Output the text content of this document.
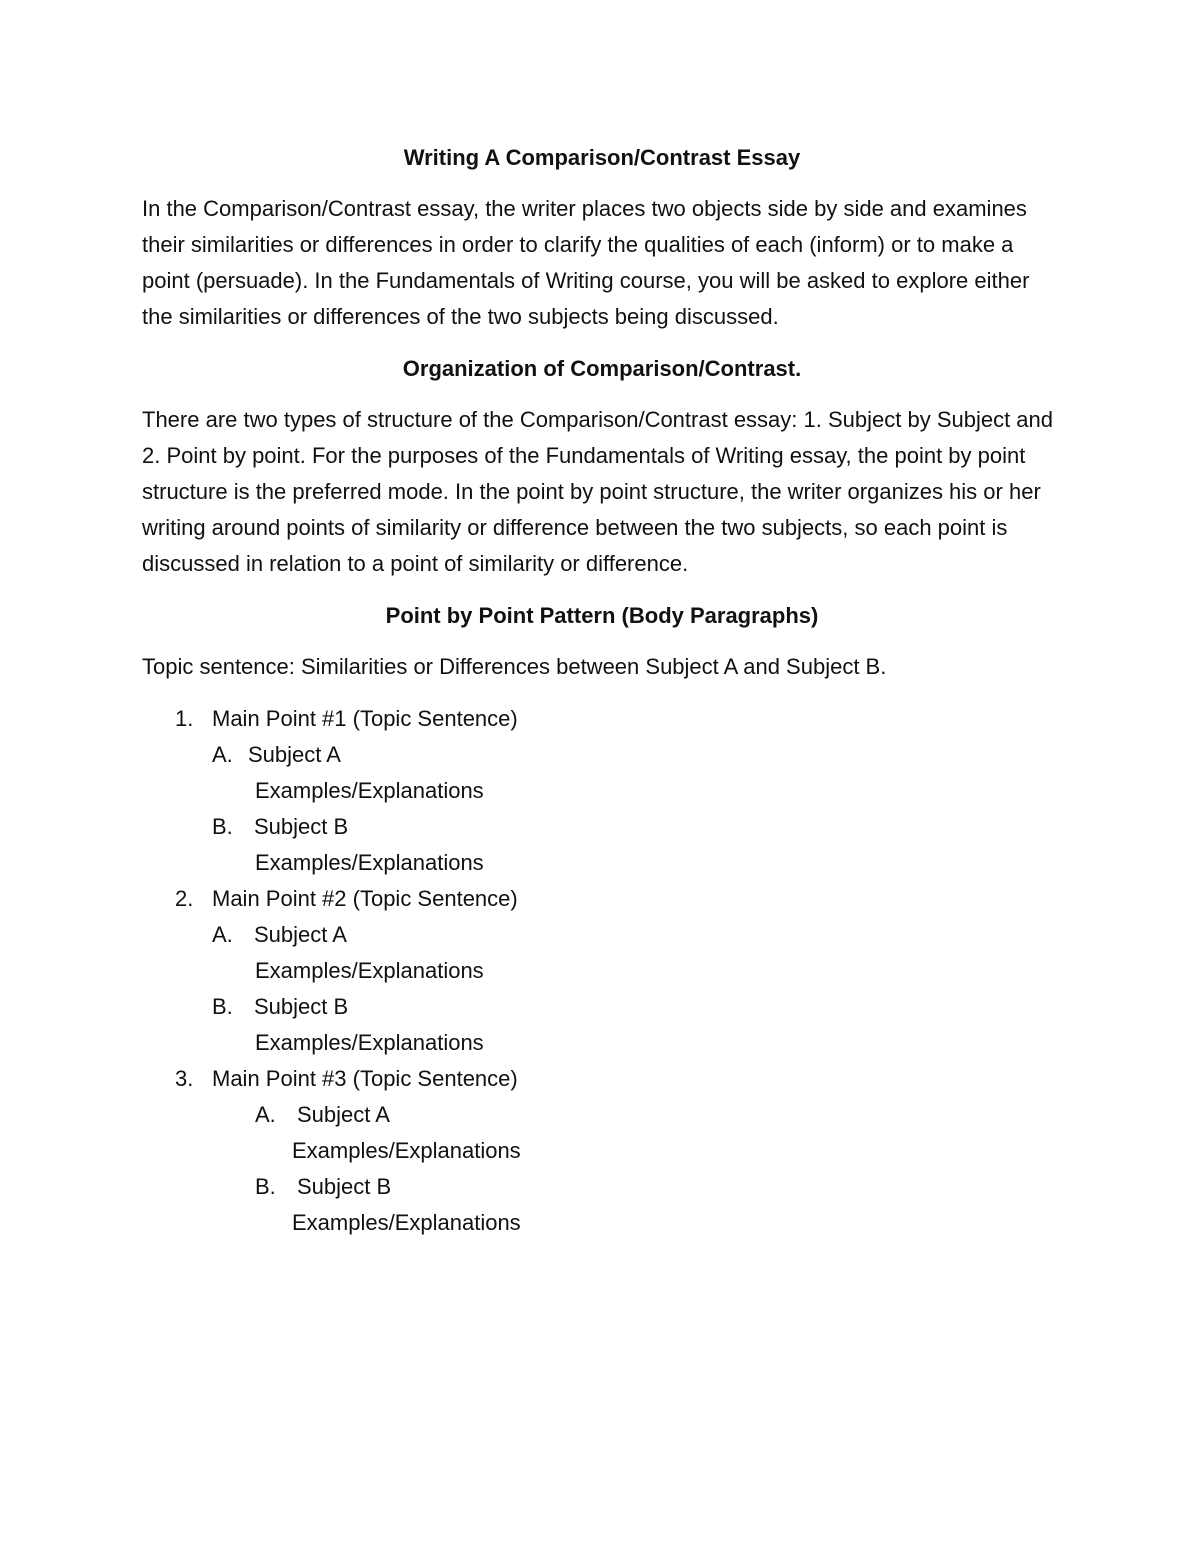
Writing A Comparison/Contrast Essay

In the Comparison/Contrast essay, the writer places two objects side by side and examines their similarities or differences in order to clarify the qualities of each (inform) or to make a point (persuade). In the Fundamentals of Writing course, you will be asked to explore either the similarities or differences of the two subjects being discussed.

Organization of Comparison/Contrast.

There are two types of structure of the Comparison/Contrast essay: 1. Subject by Subject and 2. Point by point. For the purposes of the Fundamentals of Writing essay, the point by point structure is the preferred mode. In the point by point structure, the writer organizes his or her writing around points of similarity or difference between the two subjects, so each point is discussed in relation to a point of similarity or difference.

Point by Point Pattern (Body Paragraphs)

Topic sentence: Similarities or Differences between Subject A and Subject B.

1. Main Point #1 (Topic Sentence)
A. Subject A
Examples/Explanations
B. Subject B
Examples/Explanations
2. Main Point #2 (Topic Sentence)
A. Subject A
Examples/Explanations
B. Subject B
Examples/Explanations
3. Main Point #3 (Topic Sentence)
A. Subject A
Examples/Explanations
B. Subject B
Examples/Explanations
